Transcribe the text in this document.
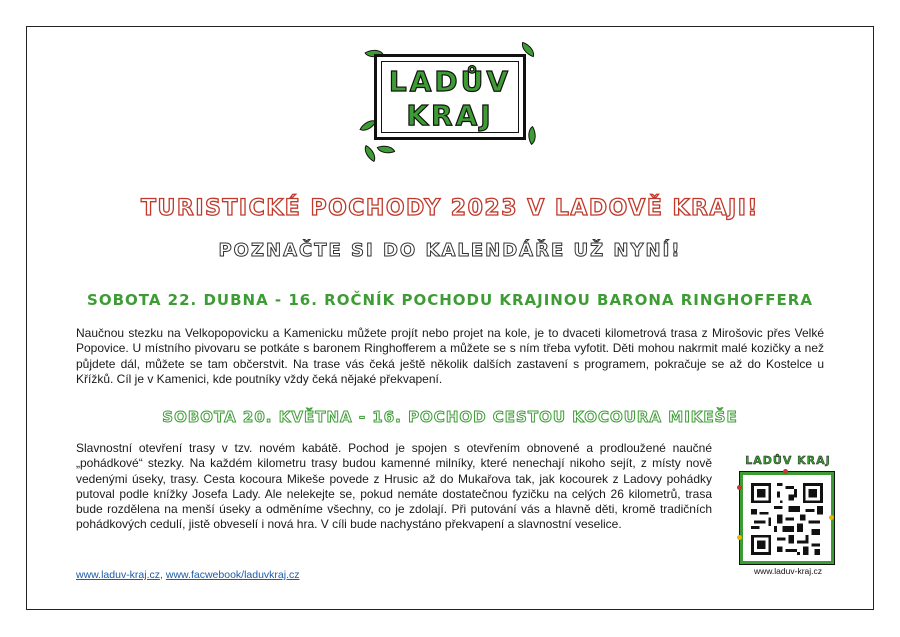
LADŮV
KRAJ
TURISTICKÉ POCHODY 2023 V LADOVĚ KRAJI!
POZNAČTE SI DO KALENDÁŘE UŽ NYNÍ!
SOBOTA 22. DUBNA - 16. ROČNÍK POCHODU KRAJINOU BARONA RINGHOFFERA

Naučnou stezku na Velkopopovicku a Kamenicku můžete projít nebo projet na kole, je to dvaceti kilometrová trasa z Mirošovic přes Velké Popovice. U místního pivovaru se potkáte s baronem Ringhofferem a můžete se s ním třeba vyfotit. Děti mohou nakrmit malé kozičky a než půjdete dál, můžete se tam občerstvit. Na trase vás čeká ještě několik dalších zastavení s programem, pokračuje se až do Kostelce u Křížků. Cíl je v Kamenici, kde poutníky vždy čeká nějaké překvapení.

SOBOTA 20. KVĚTNA - 16. POCHOD CESTOU KOCOURA MIKEŠE

Slavnostní otevření trasy v tzv. novém kabátě. Pochod je spojen s otevřením obnovené a prodloužené naučné „pohádkové“ stezky. Na každém kilometru trasy budou kamenné milníky, které nenechají nikoho sejít, z místy nově vedenými úseky, trasy. Cesta kocoura Mikeše povede z Hrusic až do Mukařova tak, jak kocourek z Ladovy pohádky putoval podle knížky Josefa Lady. Ale nelekejte se, pokud nemáte dostatečnou fyzičku na celých 26 kilometrů, trasa bude rozdělena na menší úseky a odměníme všechny, co je zdolají. Při putování vás a hlavně děti, kromě tradičních pohádkových cedulí, jistě obveselí i nová hra. V cíli bude nachystáno překvapení a slavnostní veselice.

www.laduv-kraj.cz, www.facwebook/laduvkraj.cz
LADŮV KRAJ
www.laduv-kraj.cz
